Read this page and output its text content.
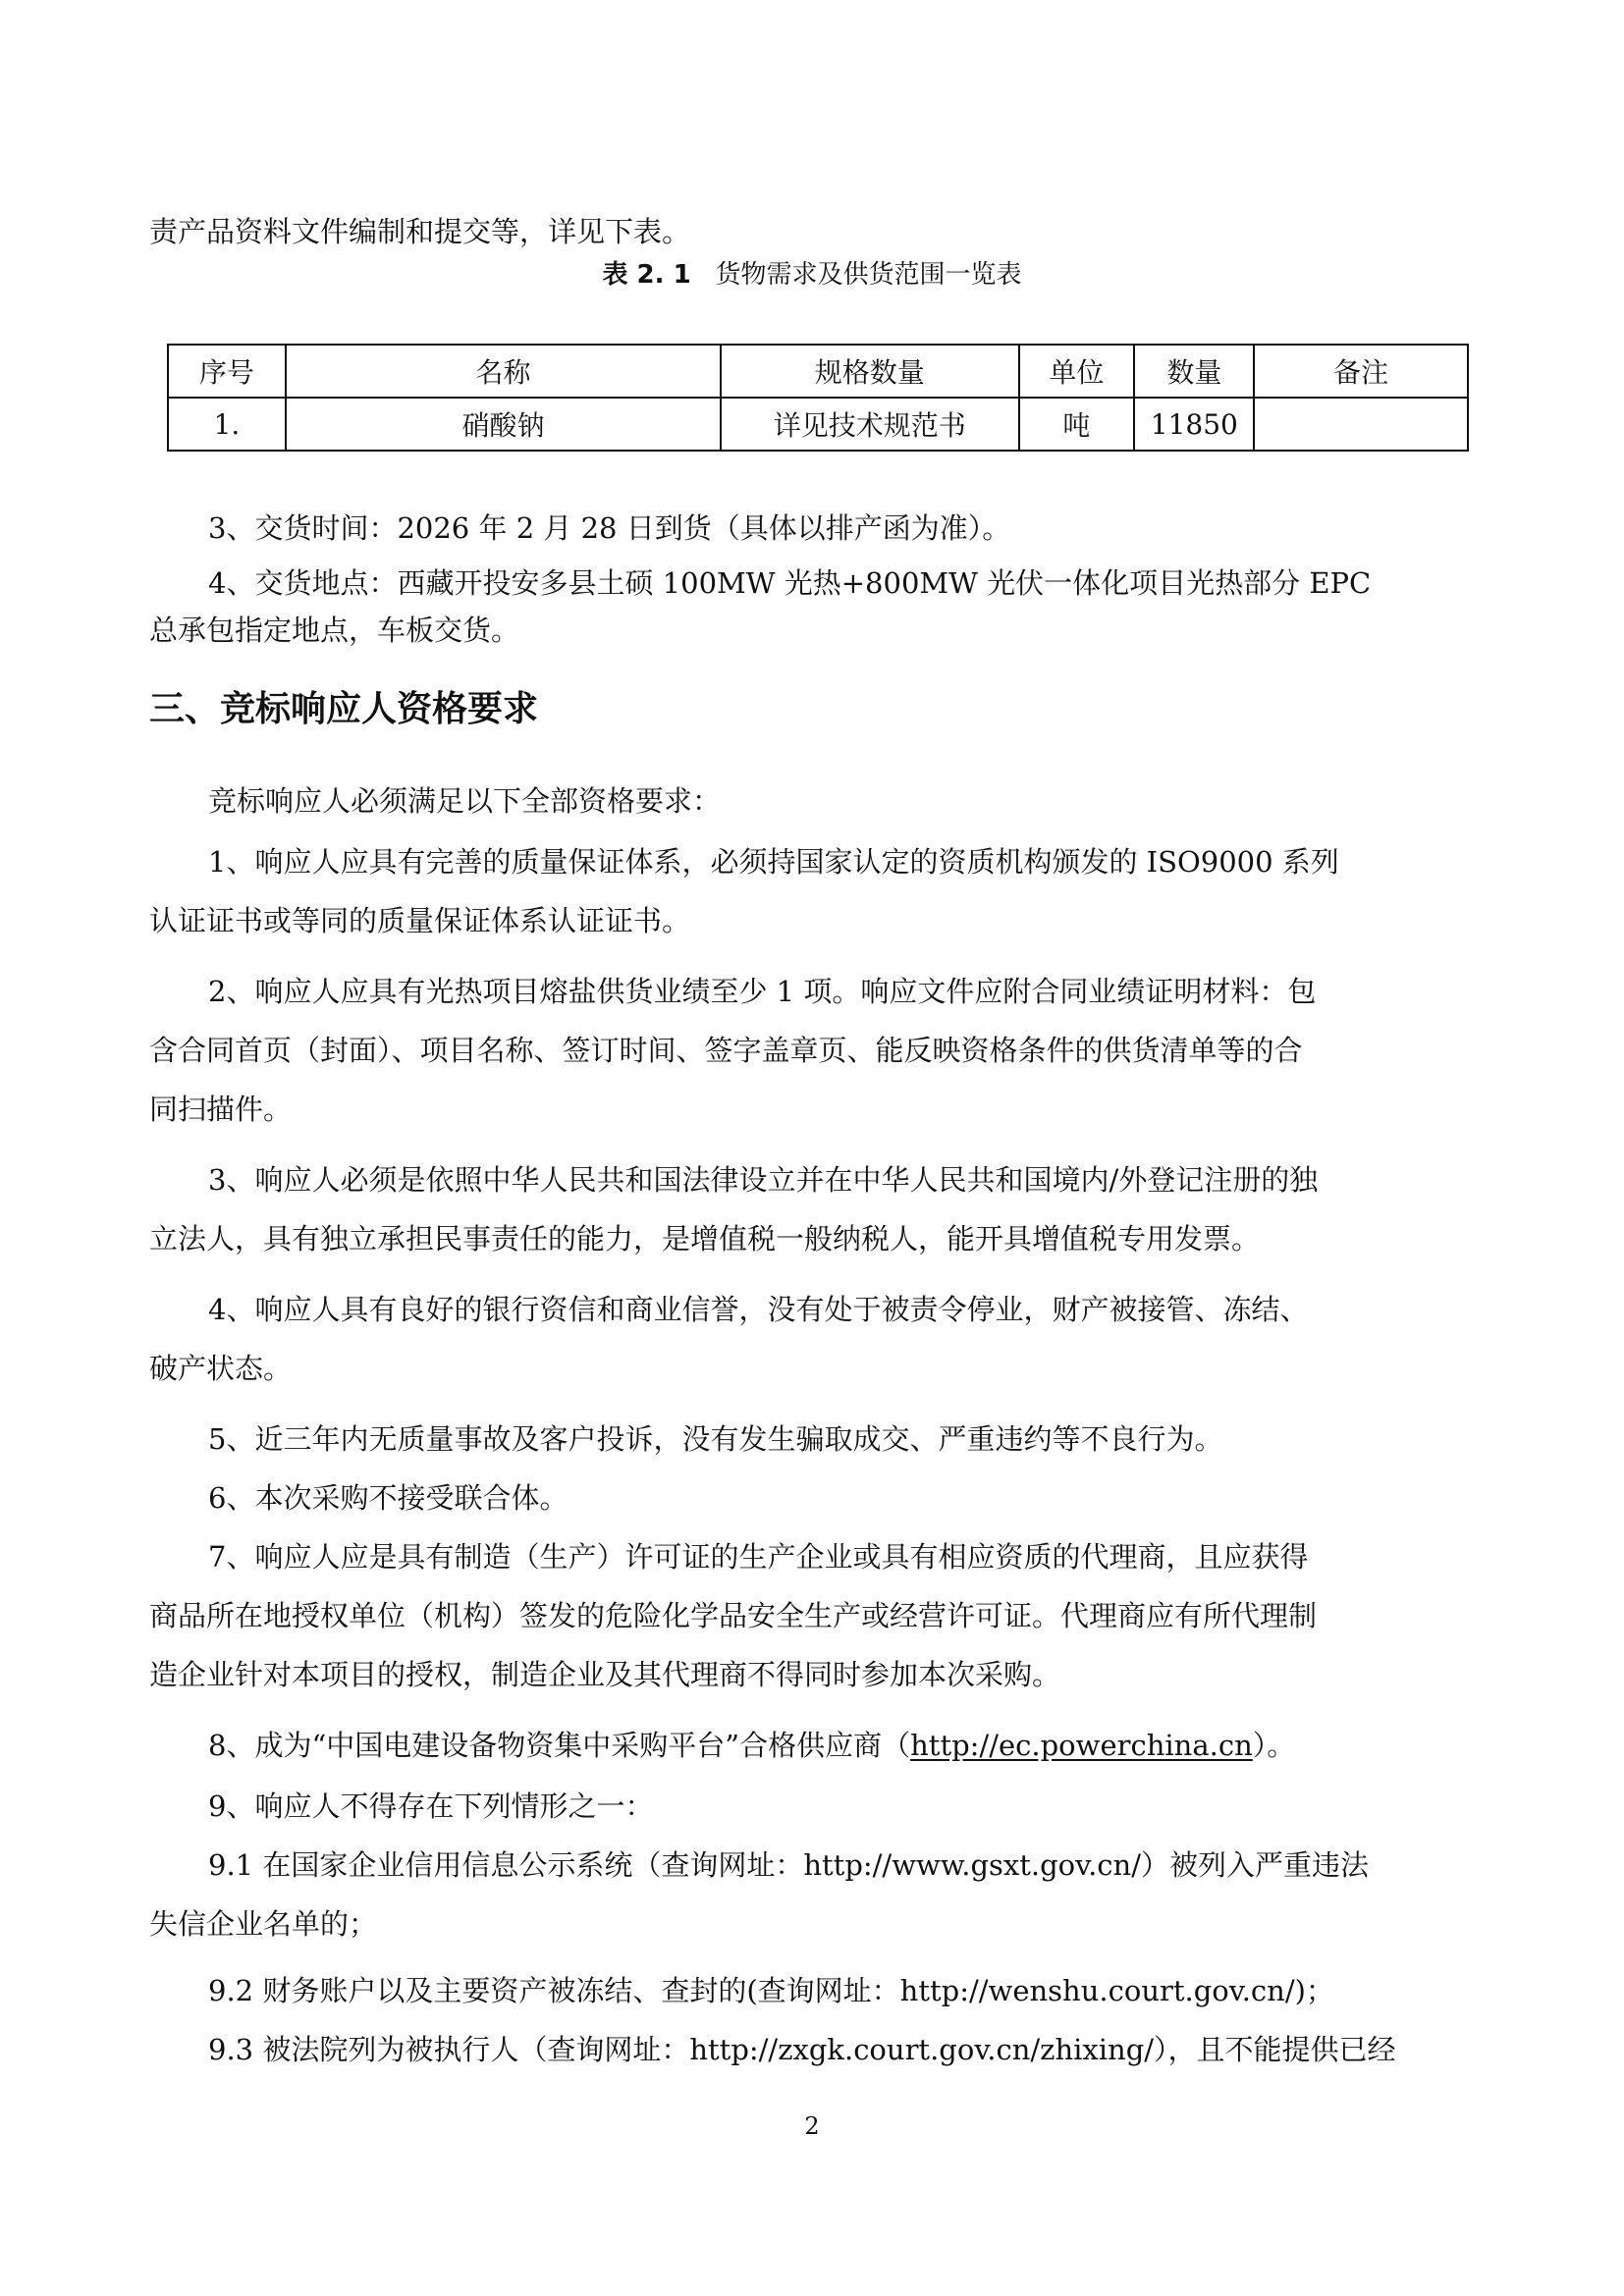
责产品资料文件编制和提交等，详见下表。

表 2. 1 货物需求及供货范围一览表
序号	名称	规格数量	单位	数量	备注
1.	硝酸钠	详见技术规范书	吨	11850	

3、交货时间：2026 年 2 月 28 日到货（具体以排产函为准）。

4、交货地点：西藏开投安多县土硕 100MW 光热+800MW 光伏一体化项目光热部分 EPC

总承包指定地点，车板交货。

三、竞标响应人资格要求

竞标响应人必须满足以下全部资格要求：

1、响应人应具有完善的质量保证体系，必须持国家认定的资质机构颁发的 ISO9000 系列

认证证书或等同的质量保证体系认证证书。

2、响应人应具有光热项目熔盐供货业绩至少 1 项。响应文件应附合同业绩证明材料：包

含合同首页（封面）、项目名称、签订时间、签字盖章页、能反映资格条件的供货清单等的合

同扫描件。

3、响应人必须是依照中华人民共和国法律设立并在中华人民共和国境内/外登记注册的独

立法人，具有独立承担民事责任的能力，是增值税一般纳税人，能开具增值税专用发票。

4、响应人具有良好的银行资信和商业信誉，没有处于被责令停业，财产被接管、冻结、

破产状态。

5、近三年内无质量事故及客户投诉，没有发生骗取成交、严重违约等不良行为。

6、本次采购不接受联合体。

7、响应人应是具有制造（生产）许可证的生产企业或具有相应资质的代理商，且应获得

商品所在地授权单位（机构）签发的危险化学品安全生产或经营许可证。代理商应有所代理制

造企业针对本项目的授权，制造企业及其代理商不得同时参加本次采购。

8、成为“中国电建设备物资集中采购平台”合格供应商（http://ec.powerchina.cn）。

9、响应人不得存在下列情形之一：

9.1 在国家企业信用信息公示系统（查询网址：http://www.gsxt.gov.cn/）被列入严重违法

失信企业名单的；

9.2 财务账户以及主要资产被冻结、查封的(查询网址：http://wenshu.court.gov.cn/)；

9.3 被法院列为被执行人（查询网址：http://zxgk.court.gov.cn/zhixing/），且不能提供已经

2
